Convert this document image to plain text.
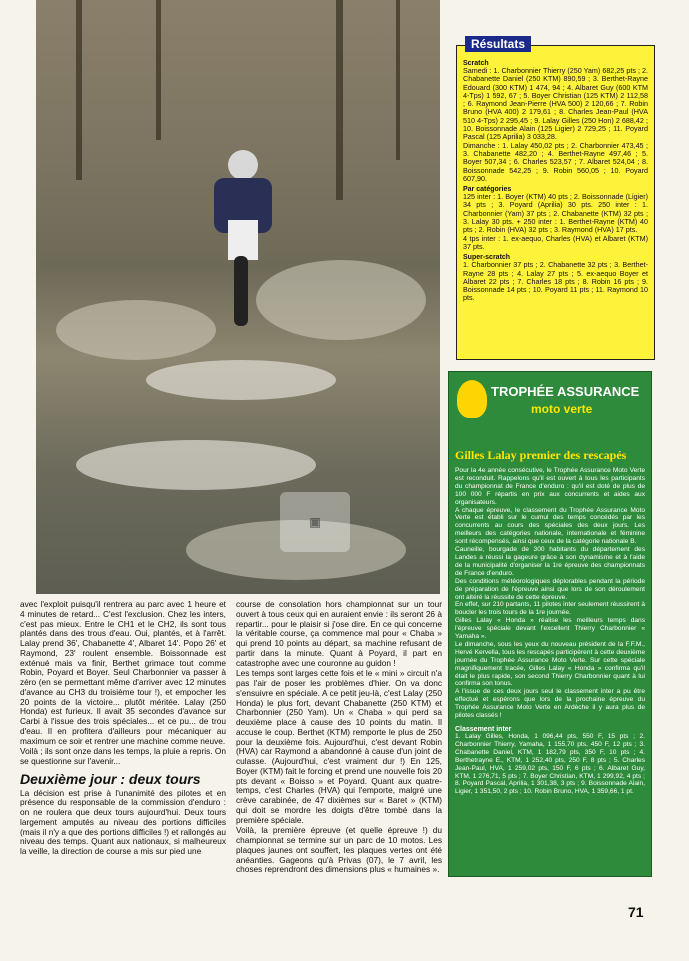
▣
Scratch

Samedi : 1. Charbonnier Thierry (250 Yam) 682,25 pts ; 2. Chabanette Daniel (250 KTM) 890,59 ; 3. Berthet-Rayne Edouard (300 KTM) 1 474, 94 ; 4. Albaret Guy (600 KTM 4-Tps) 1 592, 67 ; 5. Boyer Christian (125 KTM) 2 112,58 ; 6. Raymond Jean-Pierre (HVA 500) 2 120,66 ; 7. Robin Bruno (HVA 400) 2 179,61 ; 8. Charles Jean-Paul (HVA 510 4-Tps) 2 295,45 ; 9. Lalay Gilles (250 Hon) 2 688,42 ; 10. Boissonnade Alain (125 Ligier) 2 729,25 ; 11. Poyard Pascal (125 Aprilia) 3 033,28.

Dimanche : 1. Lalay 450,02 pts ; 2. Charbonnier 473,45 ; 3. Chabanette 482,20 ; 4. Berthet-Rayne 497,46 ; 5. Boyer 507,34 ; 6. Charles 523,57 ; 7. Albaret 524,04 ; 8. Boissonnade 542,25 ; 9. Robin 560,05 ; 10. Poyard 607,90.

Par catégories

125 inter : 1. Boyer (KTM) 40 pts ; 2. Boissonnade (Ligier) 34 pts ; 3. Poyard (Aprilia) 30 pts. 250 inter : 1. Charbonnier (Yam) 37 pts ; 2. Chabanette (KTM) 32 pts ; 3. Lalay 30 pts. + 250 inter : 1. Berthet-Rayne (KTM) 40 pts ; 2. Robin (HVA) 32 pts ; 3. Raymond (HVA) 17 pts.

4 tps inter : 1. ex-aequo, Charles (HVA) et Albaret (KTM) 37 pts.

Super-scratch

1. Charbonnier 37 pts ; 2. Chabanette 32 pts ; 3. Berthet-Rayne 28 pts ; 4. Lalay 27 pts ; 5. ex-aequo Boyer et Albaret 22 pts ; 7. Charles 18 pts ; 8. Robin 16 pts ; 9. Boissonnade 14 pts ; 10. Poyard 11 pts ; 11. Raymond 10 pts.

Résultats
TROPHÉE ASSURANCE
moto verte
Gilles Lalay premier des rescapés

Pour la 4e année consécutive, le Trophée Assurance Moto Verte est reconduit. Rappelons qu'il est ouvert à tous les participants du championnat de France d'enduro : qu'il est doté de plus de 100 000 F répartis en prix aux concurrents et aides aux organisateurs.

A chaque épreuve, le classement du Trophée Assurance Moto Verte est établi sur le cumul des temps concédés par les concurrents au cours des spéciales des deux jours. Les meilleurs des catégories nationale, internationale et féminine sont récompensés, ainsi que ceux de la catégorie nationale B.

Cauneille, bourgade de 300 habitants du département des Landes a réussi la gageure grâce à son dynamisme et à l'aide de la municipalité d'organiser la 1re épreuve des championnats de France d'enduro.

Des conditions météorologiques déplorables pendant la période de préparation de l'épreuve ainsi que lors de son déroulement ont altéré la réussite de cette épreuve.

En effet, sur 210 partants, 11 pilotes inter seulement réussirent à boucler les trois tours de la 1re journée.

Gilles Lalay « Honda » réalise les meilleurs temps dans l'épreuve spéciale devant l'excellent Thierry Charbonnier « Yamaha ».

Le dimanche, sous les yeux du nouveau président de la F.F.M., Hervé Kervella, tous les rescapés participèrent à cette deuxième journée du Trophée Assurance Moto Verte. Sur cette spéciale magnifiquement tracée, Gilles Lalay « Honda » confirma qu'il était le plus rapide, son second Thierry Charbonnier quant à lui confirma son tonus.

A l'issue de ces deux jours seul le classement inter a pu être effectué et espérons que lors de la prochaine épreuve du Trophée Assurance Moto Verte en Ardèche il y aura plus de pilotes classés !

Classement inter

1. Lalay Gilles, Honda, 1 096,44 pts, 550 F, 15 pts ; 2. Charbonnier Thierry, Yamaha, 1 155,70 pts, 450 F, 12 pts ; 3. Chabanette Daniel, KTM, 1 182,79 pts, 350 F, 10 pts ; 4. Berthetrayne E., KTM, 1 252,40 pts, 250 F, 8 pts ; 5. Charles Jean-Paul, HVA, 1 259,02 pts, 150 F, 6 pts ; 6. Albaret Guy, KTM, 1 276,71, 5 pts ; 7. Boyer Christian, KTM, 1 299,92, 4 pts ; 8. Poyard Pascal, Aprilia, 1 301,38, 3 pts ; 9. Boissonnade Alain, Ligier, 1 351,50, 2 pts ; 10. Robin Bruno, HVA, 1 359,66, 1 pt.

avec l'exploit puisqu'il rentrera au parc avec 1 heure et 4 minutes de retard... C'est l'exclusion. Chez les inters, c'est pas mieux. Entre le CH1 et le CH2, ils sont tous plantés dans des trous d'eau. Oui, plantés, et à l'arrêt. Lalay prend 36', Chabanette 4', Albaret 14'. Popo 26' et Raymond, 23' roulent ensemble. Boissonnade est exténué mais va finir, Berthet grimace tout comme Robin, Poyard et Boyer. Seul Charbonnier va passer à zéro (en se permettant même d'arriver avec 12 minutes d'avance au CH3 du troisième tour !), et empocher les 20 points de la victoire... plutôt méritée. Lalay (250 Honda) est furieux. Il avait 35 secondes d'avance sur Carbi à l'issue des trois spéciales... et ce pu... de trou d'eau. Il en profitera d'ailleurs pour mécaniquer au maximum ce soir et rentrer une machine comme neuve.

Voilà ; ils sont onze dans les temps, la pluie a repris. On se questionne sur l'avenir...

Deuxième jour : deux tours

La décision est prise à l'unanimité des pilotes et en présence du responsable de la commission d'enduro : on ne roulera que deux tours aujourd'hui. Deux tours largement amputés au niveau des portions difficiles (mais il n'y a que des portions difficiles !) et rallongés au niveau des temps. Quant aux nationaux, si malheureux la veille, la direction de course a mis sur pied une

course de consolation hors championnat sur un tour ouvert à tous ceux qui en auraient envie : ils seront 26 à repartir... pour le plaisir si j'ose dire. En ce qui concerne la véritable course, ça commence mal pour « Chaba » qui prend 10 points au départ, sa machine refusant de partir dans la minute. Quant à Poyard, il part en catastrophe avec une couronne au guidon !

Les temps sont larges cette fois et le « mini » circuit n'a pas l'air de poser les problèmes d'hier. On va donc s'ensuivre en spéciale. A ce petit jeu-là, c'est Lalay (250 Honda) le plus fort, devant Chabanette (250 KTM) et Charbonnier (250 Yam). Un « Chaba » qui perd sa deuxième place à cause des 10 points du matin. Il accuse le coup. Berthet (KTM) remporte le plus de 250 pour la deuxième fois. Aujourd'hui, c'est devant Robin (HVA) car Raymond a abandonné à cause d'un joint de culasse. (Aujourd'hui, c'est vraiment dur !) En 125, Boyer (KTM) fait le forcing et prend une nouvelle fois 20 pts devant « Boisso » et Poyard. Quant aux quatre-temps, c'est Charles (HVA) qui l'emporte, malgré une crève carabinée, de 47 dixièmes sur « Baret » (KTM) qui doit se mordre les doigts d'être tombé dans la première spéciale.

Voilà, la première épreuve (et quelle épreuve !) du championnat se termine sur un parc de 10 motos. Les plaques jaunes ont souffert, les plaques vertes ont été anéanties. Gageons qu'à Privas (07), le 7 avril, les choses reprendront des dimensions plus « humaines ».

71
